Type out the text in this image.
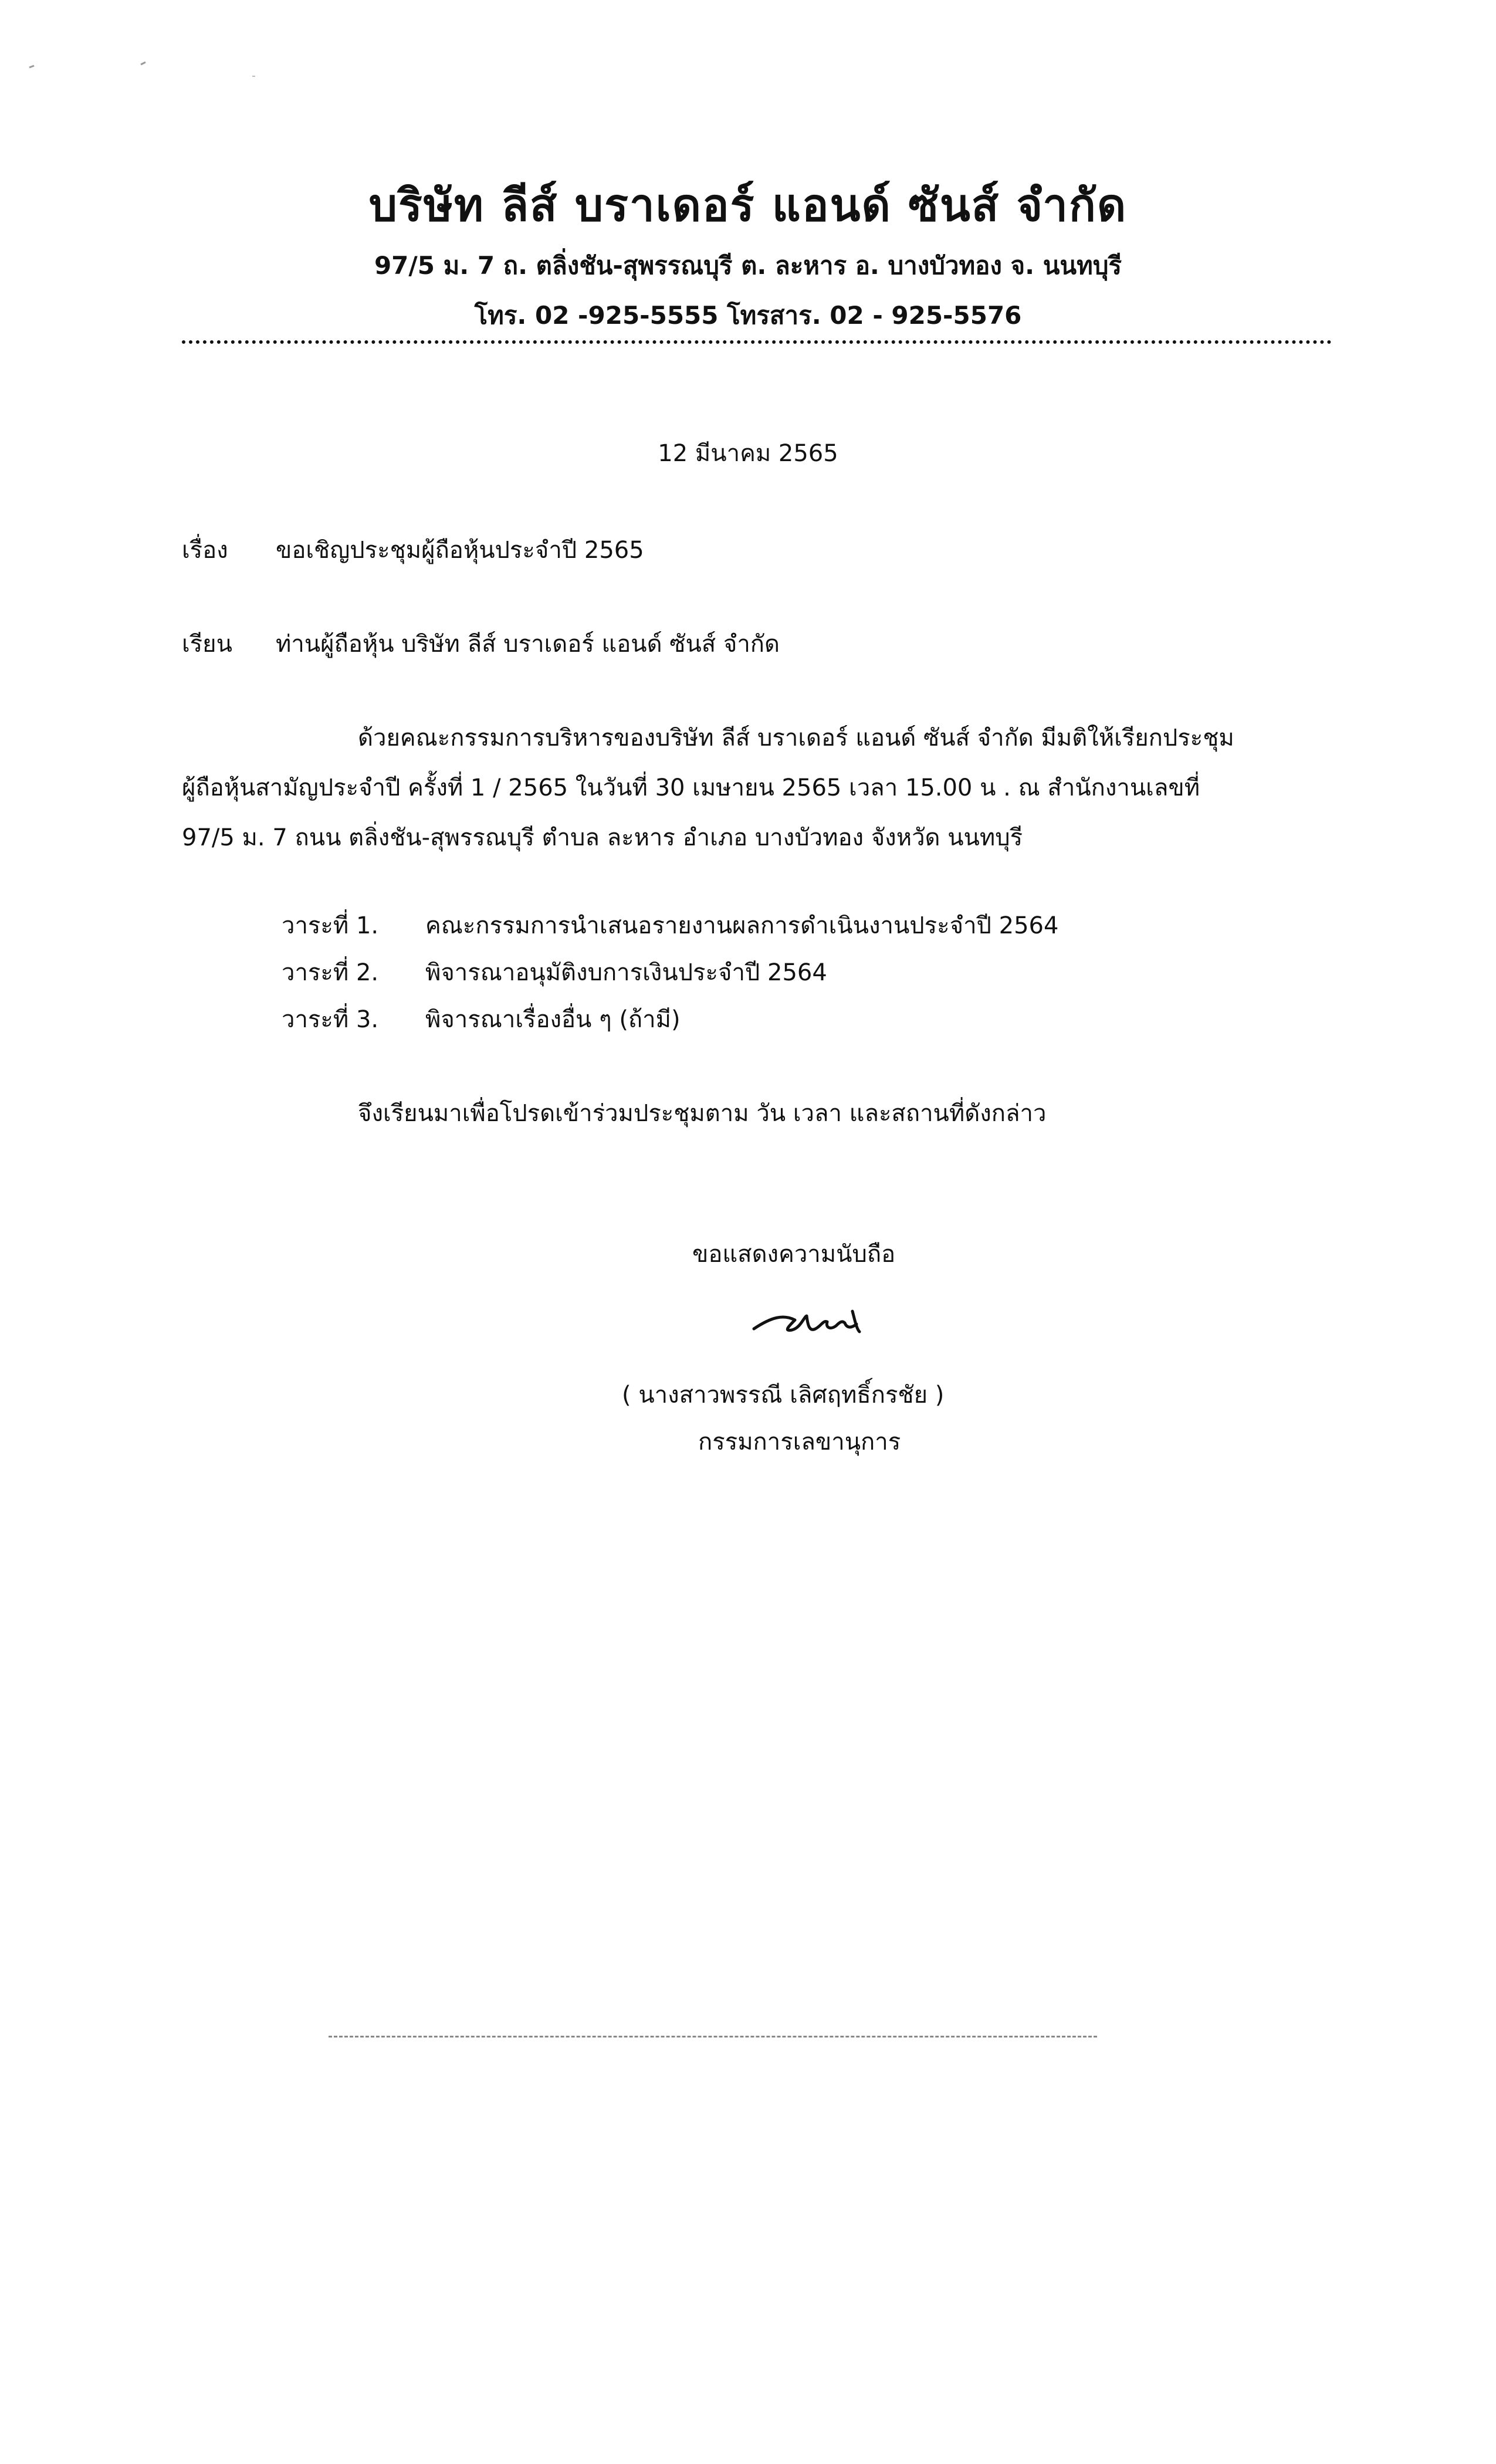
บริษัท ลีส์ บราเดอร์ แอนด์ ซันส์ จำกัด
97/5 ม. 7 ถ. ตลิ่งชัน-สุพรรณบุรี ต. ละหาร อ. บางบัวทอง จ. นนทบุรี
โทร. 02 -925-5555 โทรสาร. 02 - 925-5576
12 มีนาคม 2565
เรื่อง ขอเชิญประชุมผู้ถือหุ้นประจำปี 2565
เรียน ท่านผู้ถือหุ้น บริษัท ลีส์ บราเดอร์ แอนด์ ซันส์ จำกัด
ด้วยคณะกรรมการบริหารของบริษัท ลีส์ บราเดอร์ แอนด์ ซันส์ จำกัด มีมติให้เรียกประชุม
ผู้ถือหุ้นสามัญประจำปี ครั้งที่ 1 / 2565 ในวันที่ 30 เมษายน 2565 เวลา 15.00 น . ณ สำนักงานเลขที่
97/5 ม. 7 ถนน ตลิ่งชัน-สุพรรณบุรี ตำบล ละหาร อำเภอ บางบัวทอง จังหวัด นนทบุรี
วาระที่ 1. คณะกรรมการนำเสนอรายงานผลการดำเนินงานประจำปี 2564
วาระที่ 2. พิจารณาอนุมัติงบการเงินประจำปี 2564
วาระที่ 3. พิจารณาเรื่องอื่น ๆ (ถ้ามี)
จึงเรียนมาเพื่อโปรดเข้าร่วมประชุมตาม วัน เวลา และสถานที่ดังกล่าว
ขอแสดงความนับถือ
( นางสาวพรรณี เลิศฤทธิ์กรชัย )
กรรมการเลขานุการ
